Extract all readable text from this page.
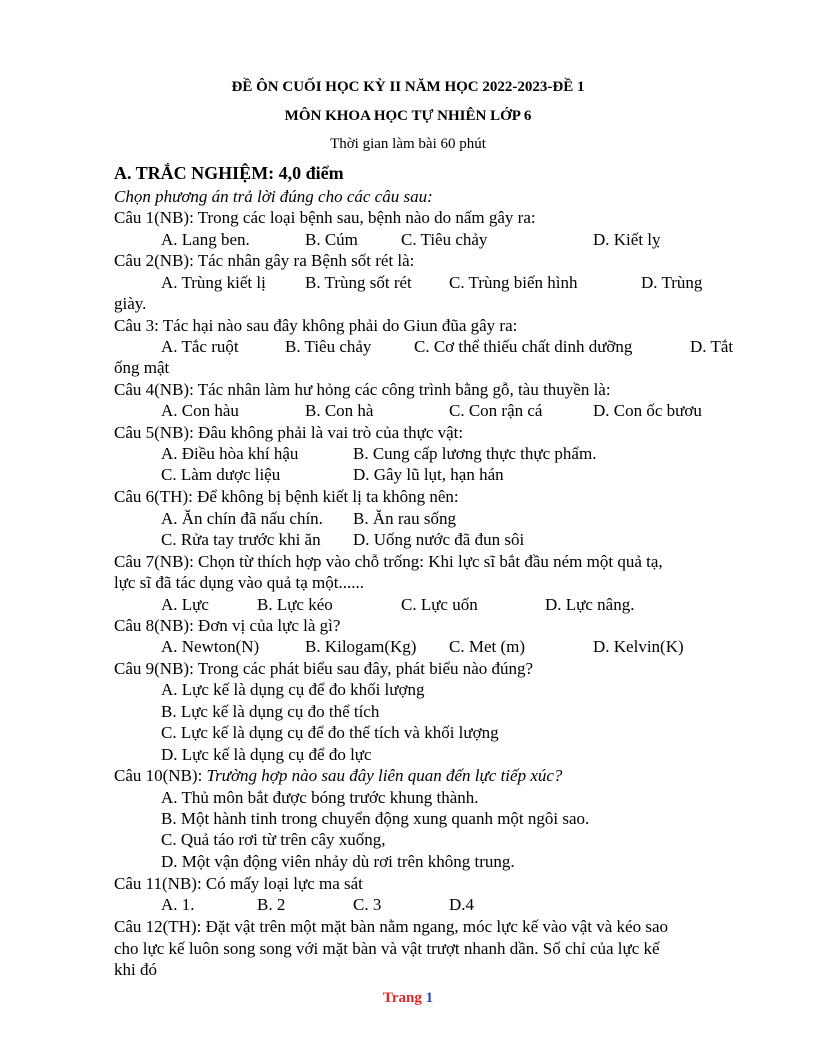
ĐỀ ÔN CUỐI HỌC KỲ II NĂM HỌC 2022-2023-ĐỀ 1
MÔN KHOA HỌC TỰ NHIÊN LỚP 6
Thời gian làm bài 60 phút
A. TRẮC NGHIỆM: 4,0 điểm
Chọn phương án trả lời đúng cho các câu sau:
Câu 1(NB): Trong các loại bệnh sau, bệnh nào do nấm gây ra:
A. Lang ben.	B. Cúm	C. Tiêu chảy	D. Kiết lỵ
Câu 2(NB): Tác nhân gây ra Bệnh sốt rét là:
A. Trùng kiết lị B. Trùng sốt rét C. Trùng biến hình	D. Trùng
giày.
Câu 3: Tác hại nào sau đây không phải do Giun đũa gây ra:
A. Tắc ruột	B. Tiêu chảy	C. Cơ thể thiếu chất dinh dưỡng	D. Tắt
ống mật
Câu 4(NB): Tác nhân làm hư hỏng các công trình bằng gỗ, tàu thuyền là:
A. Con hàu	B. Con hà	C. Con rận cá	D. Con ốc bươu
Câu 5(NB): Đâu không phải là vai trò của thực vật:
A. Điều hòa khí hậu	B. Cung cấp lương thực thực phẩm.
C. Làm dược liệu	D. Gây lũ lụt, hạn hán
Câu 6(TH): Để không bị bệnh kiết lị ta không nên:
A. Ăn chín đã nấu chín. B. Ăn rau sống
C. Rửa tay trước khi ăn D. Uống nước đã đun sôi
Câu 7(NB): Chọn từ thích hợp vào chỗ trống: Khi lực sĩ bắt đầu ném một quả tạ,
lực sĩ đã tác dụng vào quả tạ một......
A. Lực	B. Lực kéo	C. Lực uốn	D. Lực nâng.
Câu 8(NB): Đơn vị của lực là gì?
A. Newton(N)	B. Kilogam(Kg) C. Met (m)	D. Kelvin(K)
Câu 9(NB): Trong các phát biểu sau đây, phát biểu nào đúng?
A. Lực kế là dụng cụ để đo khối lượng
B. Lực kế là dụng cụ đo thể tích
C. Lực kế là dụng cụ để đo thể tích và khối lượng
D. Lực kế là dụng cụ để đo lực
Câu 10(NB): Trường hợp nào sau đây liên quan đến lực tiếp xúc?
A. Thủ môn bắt được bóng trước khung thành.
B. Một hành tinh trong chuyển động xung quanh một ngôi sao.
C. Quả táo rơi từ trên cây xuống,
D. Một vận động viên nhảy dù rơi trên không trung.
Câu 11(NB): Có mấy loại lực ma sát
A. 1.	B. 2	C. 3	D.4
Câu 12(TH): Đặt vật trên một mặt bàn nằm ngang, móc lực kế vào vật và kéo sao
cho lực kế luôn song song với mặt bàn và vật trượt nhanh dần. Số chỉ của lực kế
khi đó
Trang 1
